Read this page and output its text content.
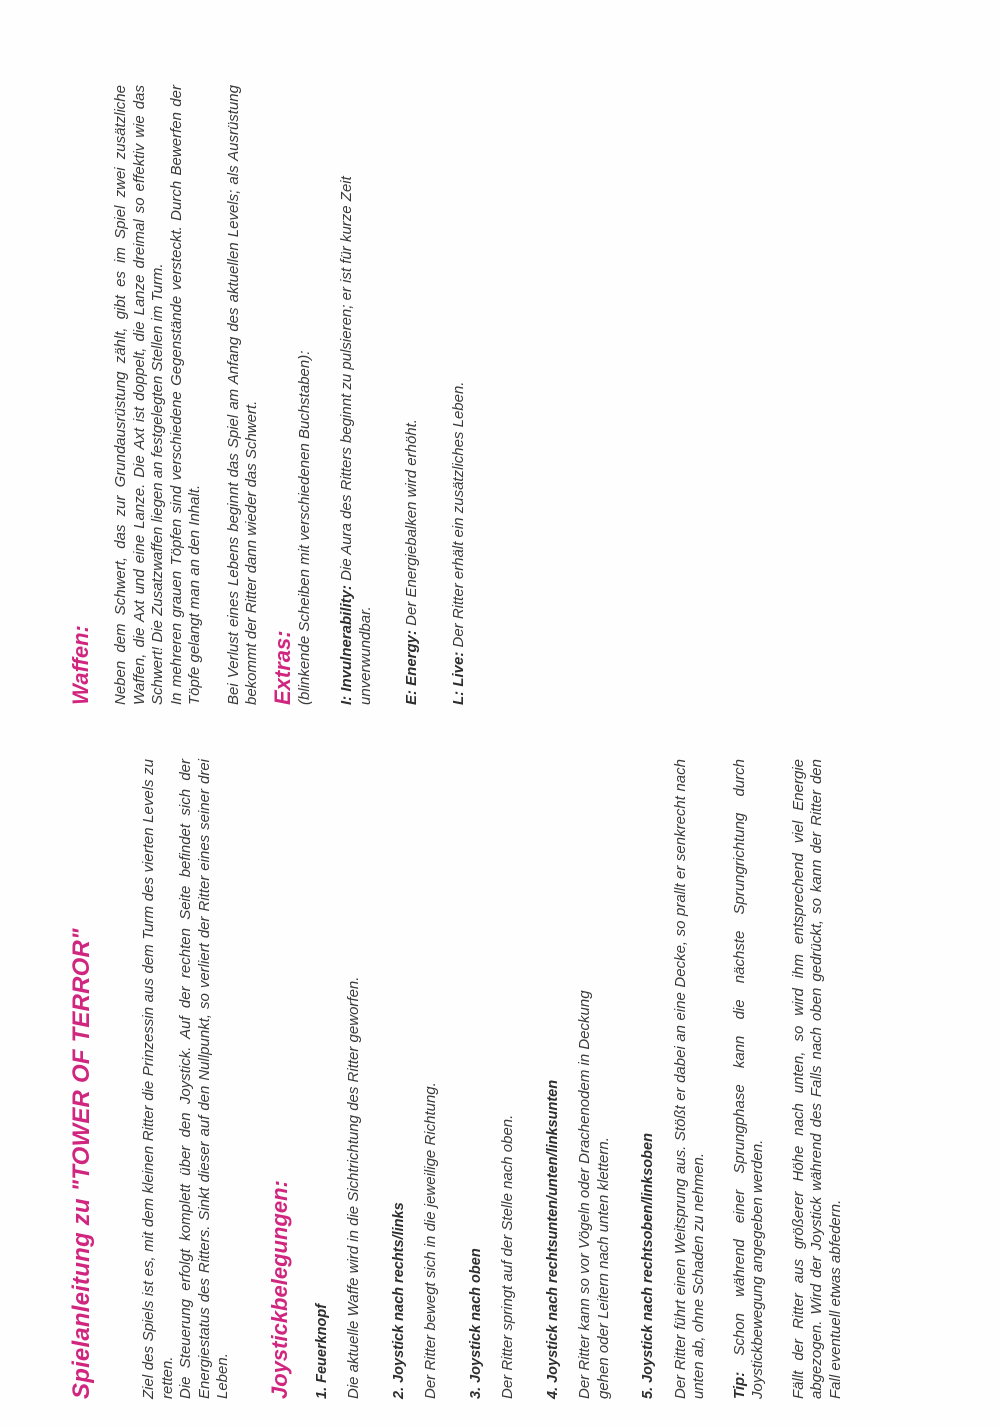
Spielanleitung zu "TOWER OF TERROR"	Ziel des Spiels ist es, mit dem kleinen Ritter die Prinzessin aus dem Turm des vierten Levels zu retten. Die Steuerung erfolgt komplett über den Joystick. Auf der rechten Seite befindet sich der Energiestatus des Ritters. Sinkt dieser auf den Nullpunkt, so verliert der Ritter eines seiner drei Leben. Joystickbelegungen: 1. Feuerknopf Die aktuelle Waffe wird in die Sichtrichtung des Ritter geworfen. 2. Joystick nach rechts/links Der Ritter bewegt sich in die jeweilige Richtung. 3. Joystick nach oben Der Ritter springt auf der Stelle nach oben. 4. Joystick nach rechtsunten/unten/linksunten Der Ritter kann so vor Vögeln oder Drachenodem in Deckung gehen oder Leitern nach unten klettern. 5. Joystick nach rechtsoben/linksoben Der Ritter führt einen Weitsprung aus. Stößt er dabei an eine Decke, so prallt er senkrecht nach unten ab, ohne Schaden zu nehmen. Tip: Schon während einer Sprungphase kann die nächste Sprungrichtung durch Joystickbewegung angegeben werden. Fällt der Ritter aus größerer Höhe nach unten, so wird ihm entsprechend viel Energie abgezogen. Wird der Joystick während des Falls nach oben gedrückt, so kann der Ritter den Fall eventuell etwas abfedern.

Waffen: Neben dem Schwert, das zur Grundausrüstung zählt, gibt es im Spiel zwei zusätzliche Waffen, die Axt und eine Lanze. Die Axt ist doppelt, die Lanze dreimal so effektiv wie das Schwert! Die Zusatzwaffen liegen an festgelegten Stellen im Turm. In mehreren grauen Töpfen sind verschiedene Gegenstände versteckt. Durch Bewerfen der Töpfe gelangt man an den Inhalt. Bei Verlust eines Lebens beginnt das Spiel am Anfang des aktuellen Levels; als Ausrüstung bekommt der Ritter dann wieder das Schwert. Extras: (blinkende Scheiben mit verschiedenen Buchstaben): I: Invulnerability: Die Aura des Ritters beginnt zu pulsieren; er ist für kurze Zeit unverwundbar. E: Energy: Der Energiebalken wird erhöht.

L: Live: Der Ritter erhält ein zusätzliches Leben.
